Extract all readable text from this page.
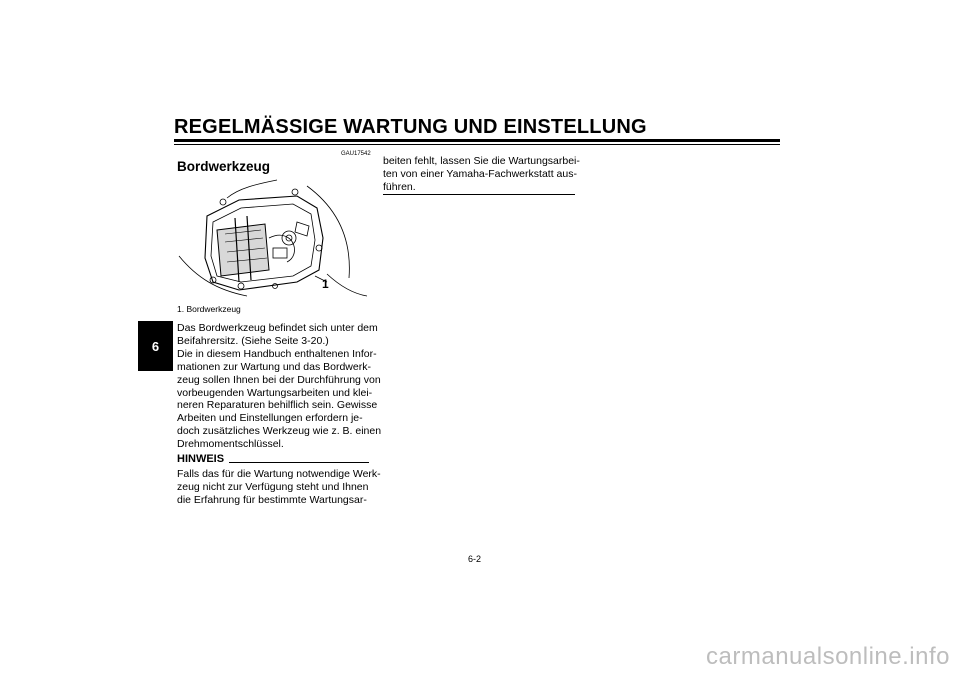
REGELMÄSSIGE WARTUNG UND EINSTELLUNG
6
GAU17542
Bordwerkzeug
1
1. Bordwerkzeug
Das Bordwerkzeug befindet sich unter dem
Beifahrersitz. (Siehe Seite 3-20.)
Die in diesem Handbuch enthaltenen Infor-
mationen zur Wartung und das Bordwerk-
zeug sollen Ihnen bei der Durchführung von
vorbeugenden Wartungsarbeiten und klei-
neren Reparaturen behilflich sein. Gewisse
Arbeiten und Einstellungen erfordern je-
doch zusätzliches Werkzeug wie z. B. einen
Drehmomentschlüssel.
HINWEIS
Falls das für die Wartung notwendige Werk-
zeug nicht zur Verfügung steht und Ihnen
die Erfahrung für bestimmte Wartungsar-
beiten fehlt, lassen Sie die Wartungsarbei-
ten von einer Yamaha-Fachwerkstatt aus-
führen.
6-2
carmanualsonline.info
